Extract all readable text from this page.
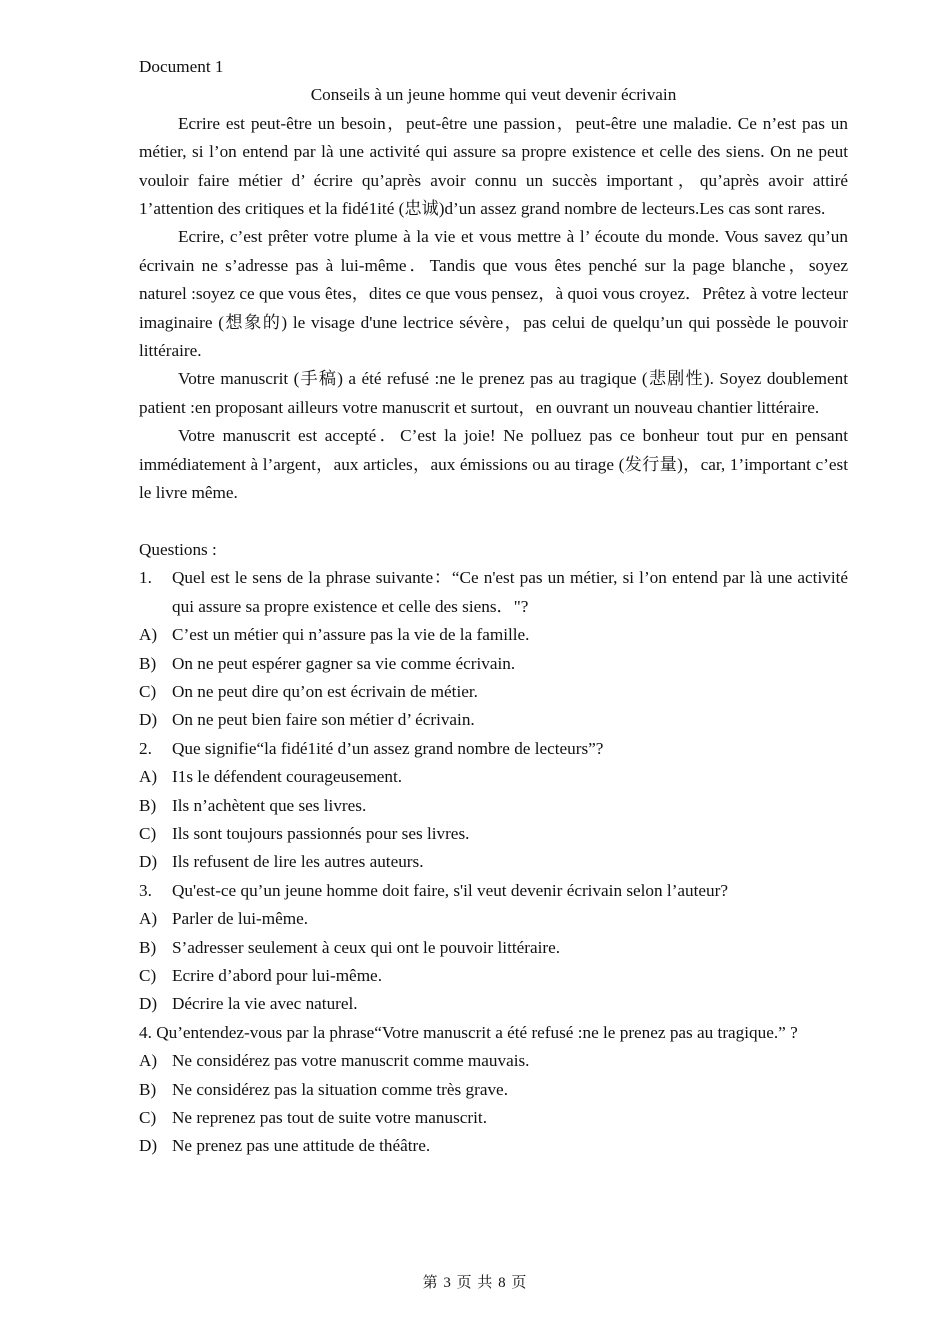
Document 1
Conseils à un jeune homme qui veut devenir écrivain

Ecrire est peut-être un besoin，peut-être une passion，peut-être une maladie. Ce n’est pas un métier, si l’on entend par là une activité qui assure sa propre existence et celle des siens. On ne peut vouloir faire métier d’ écrire qu’après avoir connu un succès important，qu’après avoir attiré 1’attention des critiques et la fidé1ité (忠诚)d’un assez grand nombre de lecteurs.Les cas sont rares.

Ecrire, c’est prêter votre plume à la vie et vous mettre à l’ écoute du monde. Vous savez qu’un écrivain ne s’adresse pas à lui-même．Tandis que vous êtes penché sur la page blanche，soyez naturel :soyez ce que vous êtes，dites ce que vous pensez，à quoi vous croyez．Prêtez à votre lecteur imaginaire (想象的) le visage d'une lectrice sévère，pas celui de quelqu’un qui possède le pouvoir littéraire.

Votre manuscrit (手稿) a été refusé :ne le prenez pas au tragique (悲剧性). Soyez doublement patient :en proposant ailleurs votre manuscrit et surtout，en ouvrant un nouveau chantier littéraire.

Votre manuscrit est accepté．C’est la joie! Ne polluez pas ce bonheur tout pur en pensant immédiatement à l’argent，aux articles，aux émissions ou au tirage (发行量)，car, 1’important c’est le livre même.

Questions :
1.	Quel est le sens de la phrase suivante：“Ce n'est pas un métier, si l’on entend par là une activité　qui assure sa propre existence et celle des siens．"?
A) C’est un métier qui n’assure pas la vie de la famille.
B) On ne peut espérer gagner sa vie comme écrivain.
C) On ne peut dire qu’on est écrivain de métier.
D) On ne peut bien faire son métier d’ écrivain.
2.	Que signifie“la fidé1ité d’un assez grand nombre de lecteurs”?
A) I1s le défendent courageusement.
B) Ils n’achètent que ses livres.
C) Ils sont toujours passionnés pour ses livres.
D) Ils refusent de lire les autres auteurs.
3.	Qu'est-ce qu’un jeune homme doit faire, s'il veut devenir écrivain selon l’auteur?
A) Parler de lui-même.
B) S’adresser seulement à ceux qui ont le pouvoir littéraire.
C) Ecrire d’abord pour lui-même.
D) Décrire la vie avec naturel.

4. Qu’entendez-vous par la phrase“Votre manuscrit a été refusé :ne le prenez pas au tragique.” ?

A) Ne considérez pas votre manuscrit comme mauvais.
B) Ne considérez pas la situation comme très grave.
C) Ne reprenez pas tout de suite votre manuscrit.
D) Ne prenez pas une attitude de théâtre.
第 3 页 共 8 页
